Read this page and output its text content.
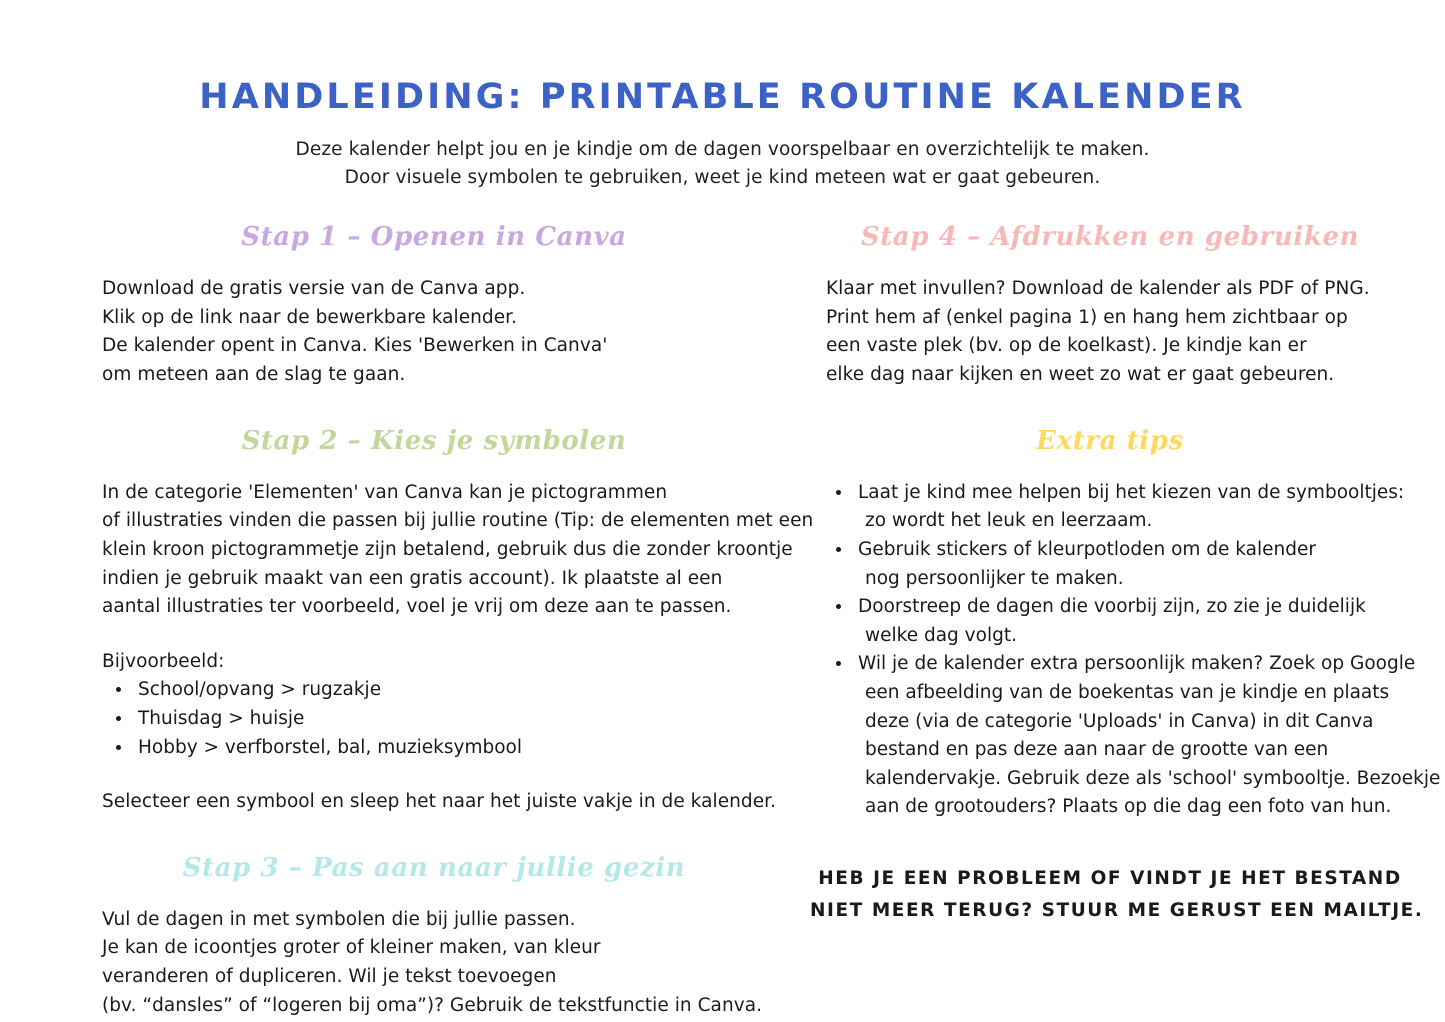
HANDLEIDING: PRINTABLE ROUTINE KALENDER
Deze kalender helpt jou en je kindje om de dagen voorspelbaar en overzichtelijk te maken.
Door visuele symbolen te gebruiken, weet je kind meteen wat er gaat gebeuren.
Stap 1 – Openen in Canva
Download de gratis versie van de Canva app.
Klik op de link naar de bewerkbare kalender.
De kalender opent in Canva. Kies 'Bewerken in Canva'
om meteen aan de slag te gaan.
Stap 2 – Kies je symbolen
In de categorie 'Elementen' van Canva kan je pictogrammen
of illustraties vinden die passen bij jullie routine (Tip: de elementen met een
klein kroon pictogrammetje zijn betalend, gebruik dus die zonder kroontje
indien je gebruik maakt van een gratis account). Ik plaatste al een
aantal illustraties ter voorbeeld, voel je vrij om deze aan te passen.
Bijvoorbeeld:
School/opvang > rugzakje
Thuisdag > huisje
Hobby > verfborstel, bal, muzieksymbool
Selecteer een symbool en sleep het naar het juiste vakje in de kalender.
Stap 3 – Pas aan naar jullie gezin
Vul de dagen in met symbolen die bij jullie passen.
Je kan de icoontjes groter of kleiner maken, van kleur
veranderen of dupliceren. Wil je tekst toevoegen
(bv. “dansles” of “logeren bij oma”)? Gebruik de tekstfunctie in Canva.
Stap 4 – Afdrukken en gebruiken
Klaar met invullen? Download de kalender als PDF of PNG.
Print hem af (enkel pagina 1) en hang hem zichtbaar op
een vaste plek (bv. op de koelkast). Je kindje kan er
elke dag naar kijken en weet zo wat er gaat gebeuren.
Extra tips
Laat je kind mee helpen bij het kiezen van de symbooltjes:
zo wordt het leuk en leerzaam.
Gebruik stickers of kleurpotloden om de kalender
nog persoonlijker te maken.
Doorstreep de dagen die voorbij zijn, zo zie je duidelijk
welke dag volgt.
Wil je de kalender extra persoonlijk maken? Zoek op Google
een afbeelding van de boekentas van je kindje en plaats
deze (via de categorie 'Uploads' in Canva) in dit Canva
bestand en pas deze aan naar de grootte van een
kalendervakje. Gebruik deze als 'school' symbooltje. Bezoekje
aan de grootouders? Plaats op die dag een foto van hun.
HEB JE EEN PROBLEEM OF VINDT JE HET BESTAND
NIET MEER TERUG? STUUR ME GERUST EEN MAILTJE.
